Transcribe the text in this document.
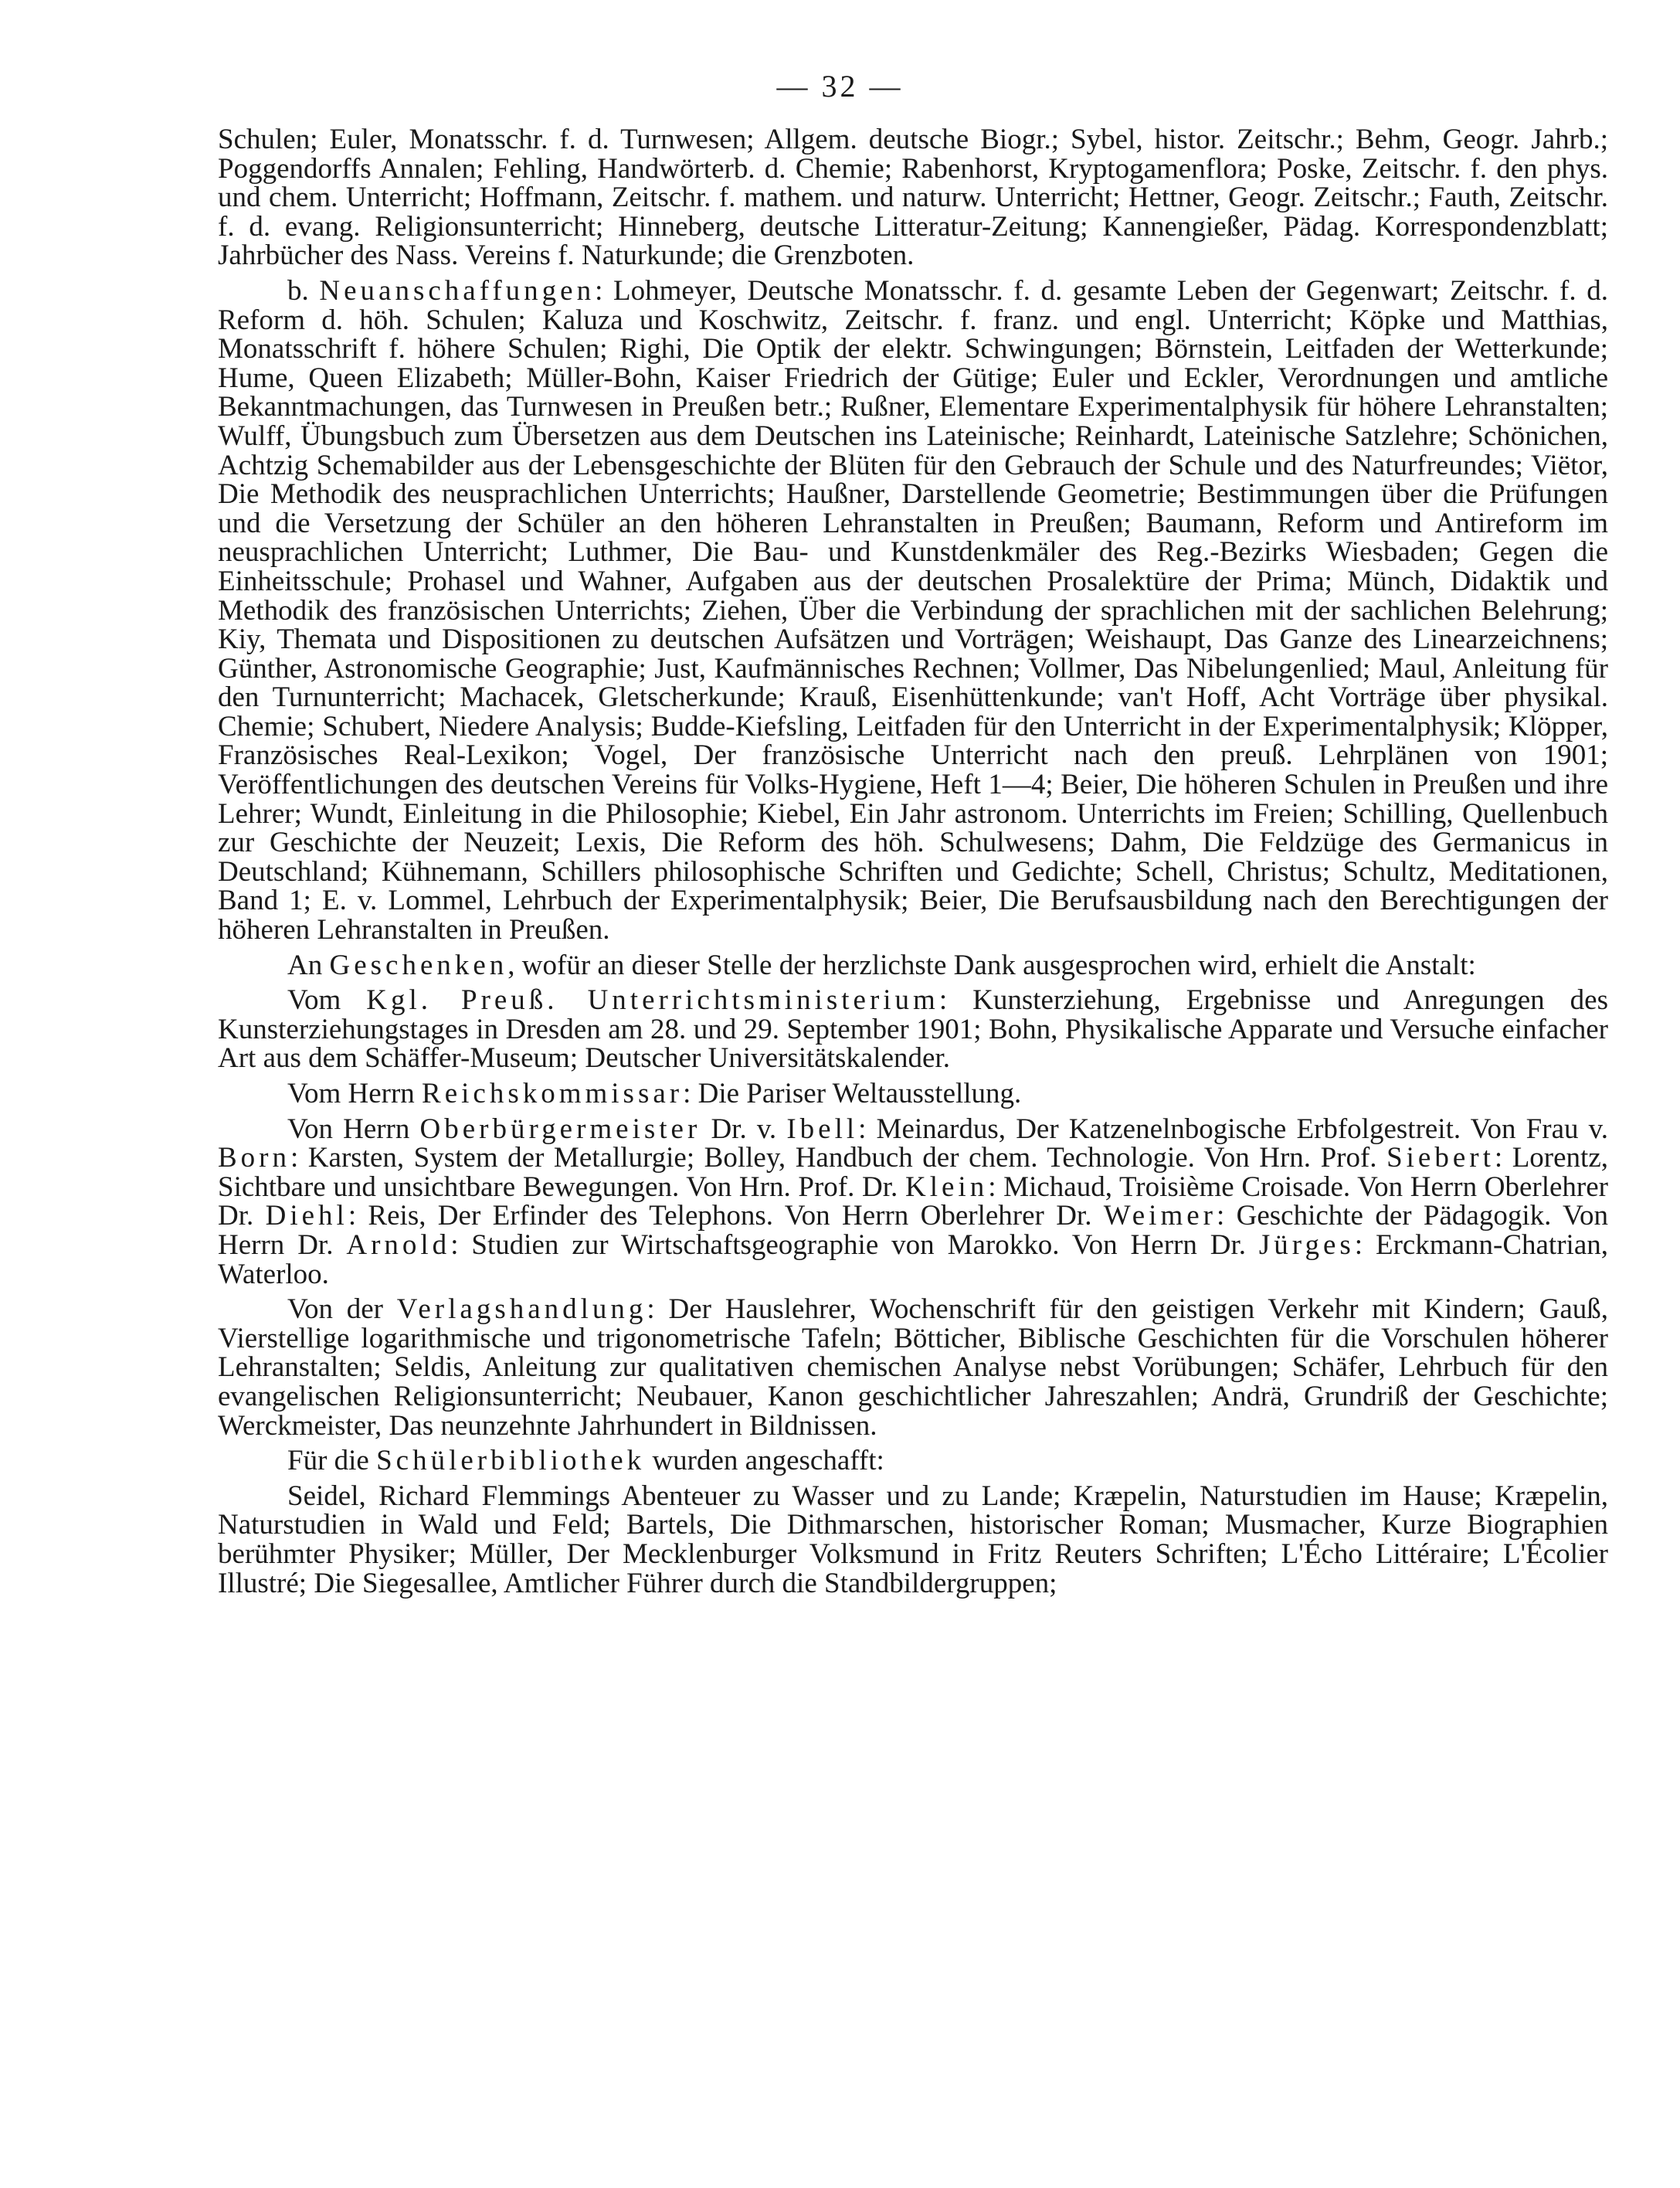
— 32 —

Schulen; Euler, Monatsschr. f. d. Turnwesen; Allgem. deutsche Biogr.; Sybel, histor. Zeitschr.; Behm, Geogr. Jahrb.; Poggendorffs Annalen; Fehling, Handwörterb. d. Chemie; Rabenhorst, Kryptogamenflora; Poske, Zeitschr. f. den phys. und chem. Unterricht; Hoffmann, Zeitschr. f. mathem. und naturw. Unterricht; Hettner, Geogr. Zeitschr.; Fauth, Zeitschr. f. d. evang. Religionsunterricht; Hinneberg, deutsche Litteratur-Zeitung; Kannengießer, Pädag. Korrespondenzblatt; Jahrbücher des Nass. Vereins f. Naturkunde; die Grenzboten.

b. Neuanschaffungen: Lohmeyer, Deutsche Monatsschr. f. d. gesamte Leben der Gegenwart; Zeitschr. f. d. Reform d. höh. Schulen; Kaluza und Koschwitz, Zeitschr. f. franz. und engl. Unterricht; Köpke und Matthias, Monatsschrift f. höhere Schulen; Righi, Die Optik der elektr. Schwingungen; Börnstein, Leitfaden der Wetterkunde; Hume, Queen Elizabeth; Müller-Bohn, Kaiser Friedrich der Gütige; Euler und Eckler, Verordnungen und amtliche Bekanntmachungen, das Turnwesen in Preußen betr.; Rußner, Elementare Experimentalphysik für höhere Lehranstalten; Wulff, Übungsbuch zum Übersetzen aus dem Deutschen ins Lateinische; Reinhardt, Lateinische Satzlehre; Schönichen, Achtzig Schemabilder aus der Lebensgeschichte der Blüten für den Gebrauch der Schule und des Naturfreundes; Viëtor, Die Methodik des neusprachlichen Unterrichts; Haußner, Darstellende Geometrie; Bestimmungen über die Prüfungen und die Versetzung der Schüler an den höheren Lehranstalten in Preußen; Baumann, Reform und Antireform im neusprachlichen Unterricht; Luthmer, Die Bau- und Kunstdenkmäler des Reg.-Bezirks Wiesbaden; Gegen die Einheitsschule; Prohasel und Wahner, Aufgaben aus der deutschen Prosalektüre der Prima; Münch, Didaktik und Methodik des französischen Unterrichts; Ziehen, Über die Verbindung der sprachlichen mit der sachlichen Belehrung; Kiy, Themata und Dispositionen zu deutschen Aufsätzen und Vorträgen; Weishaupt, Das Ganze des Linearzeichnens; Günther, Astronomische Geographie; Just, Kaufmännisches Rechnen; Vollmer, Das Nibelungenlied; Maul, Anleitung für den Turnunterricht; Machacek, Gletscherkunde; Krauß, Eisenhüttenkunde; van't Hoff, Acht Vorträge über physikal. Chemie; Schubert, Niedere Analysis; Budde-Kiefsling, Leitfaden für den Unterricht in der Experimentalphysik; Klöpper, Französisches Real-Lexikon; Vogel, Der französische Unterricht nach den preuß. Lehrplänen von 1901; Veröffentlichungen des deutschen Vereins für Volks-Hygiene, Heft 1—4; Beier, Die höheren Schulen in Preußen und ihre Lehrer; Wundt, Einleitung in die Philosophie; Kiebel, Ein Jahr astronom. Unterrichts im Freien; Schilling, Quellenbuch zur Geschichte der Neuzeit; Lexis, Die Reform des höh. Schulwesens; Dahm, Die Feldzüge des Germanicus in Deutschland; Kühnemann, Schillers philosophische Schriften und Gedichte; Schell, Christus; Schultz, Meditationen, Band 1; E. v. Lommel, Lehrbuch der Experimentalphysik; Beier, Die Berufsausbildung nach den Berechtigungen der höheren Lehranstalten in Preußen.

An Geschenken, wofür an dieser Stelle der herzlichste Dank ausgesprochen wird, erhielt die Anstalt:

Vom Kgl. Preuß. Unterrichtsministerium: Kunsterziehung, Ergebnisse und Anregungen des Kunsterziehungstages in Dresden am 28. und 29. September 1901; Bohn, Physikalische Apparate und Versuche einfacher Art aus dem Schäffer-Museum; Deutscher Universitätskalender.

Vom Herrn Reichskommissar: Die Pariser Weltausstellung.

Von Herrn Oberbürgermeister Dr. v. Ibell: Meinardus, Der Katzenelnbogische Erbfolgestreit. Von Frau v. Born: Karsten, System der Metallurgie; Bolley, Handbuch der chem. Technologie. Von Hrn. Prof. Siebert: Lorentz, Sichtbare und unsichtbare Bewegungen. Von Hrn. Prof. Dr. Klein: Michaud, Troisième Croisade. Von Herrn Oberlehrer Dr. Diehl: Reis, Der Erfinder des Telephons. Von Herrn Oberlehrer Dr. Weimer: Geschichte der Pädagogik. Von Herrn Dr. Arnold: Studien zur Wirtschaftsgeographie von Marokko. Von Herrn Dr. Jürges: Erckmann-Chatrian, Waterloo.

Von der Verlagshandlung: Der Hauslehrer, Wochenschrift für den geistigen Verkehr mit Kindern; Gauß, Vierstellige logarithmische und trigonometrische Tafeln; Bötticher, Biblische Geschichten für die Vorschulen höherer Lehranstalten; Seldis, Anleitung zur qualitativen chemischen Analyse nebst Vorübungen; Schäfer, Lehrbuch für den evangelischen Religionsunterricht; Neubauer, Kanon geschichtlicher Jahreszahlen; Andrä, Grundriß der Geschichte; Werckmeister, Das neunzehnte Jahrhundert in Bildnissen.

Für die Schülerbibliothek wurden angeschafft:

Seidel, Richard Flemmings Abenteuer zu Wasser und zu Lande; Kræpelin, Naturstudien im Hause; Kræpelin, Naturstudien in Wald und Feld; Bartels, Die Dithmarschen, historischer Roman; Musmacher, Kurze Biographien berühmter Physiker; Müller, Der Mecklenburger Volksmund in Fritz Reuters Schriften; L'Écho Littéraire; L'Écolier Illustré; Die Siegesallee, Amtlicher Führer durch die Standbildergruppen;
